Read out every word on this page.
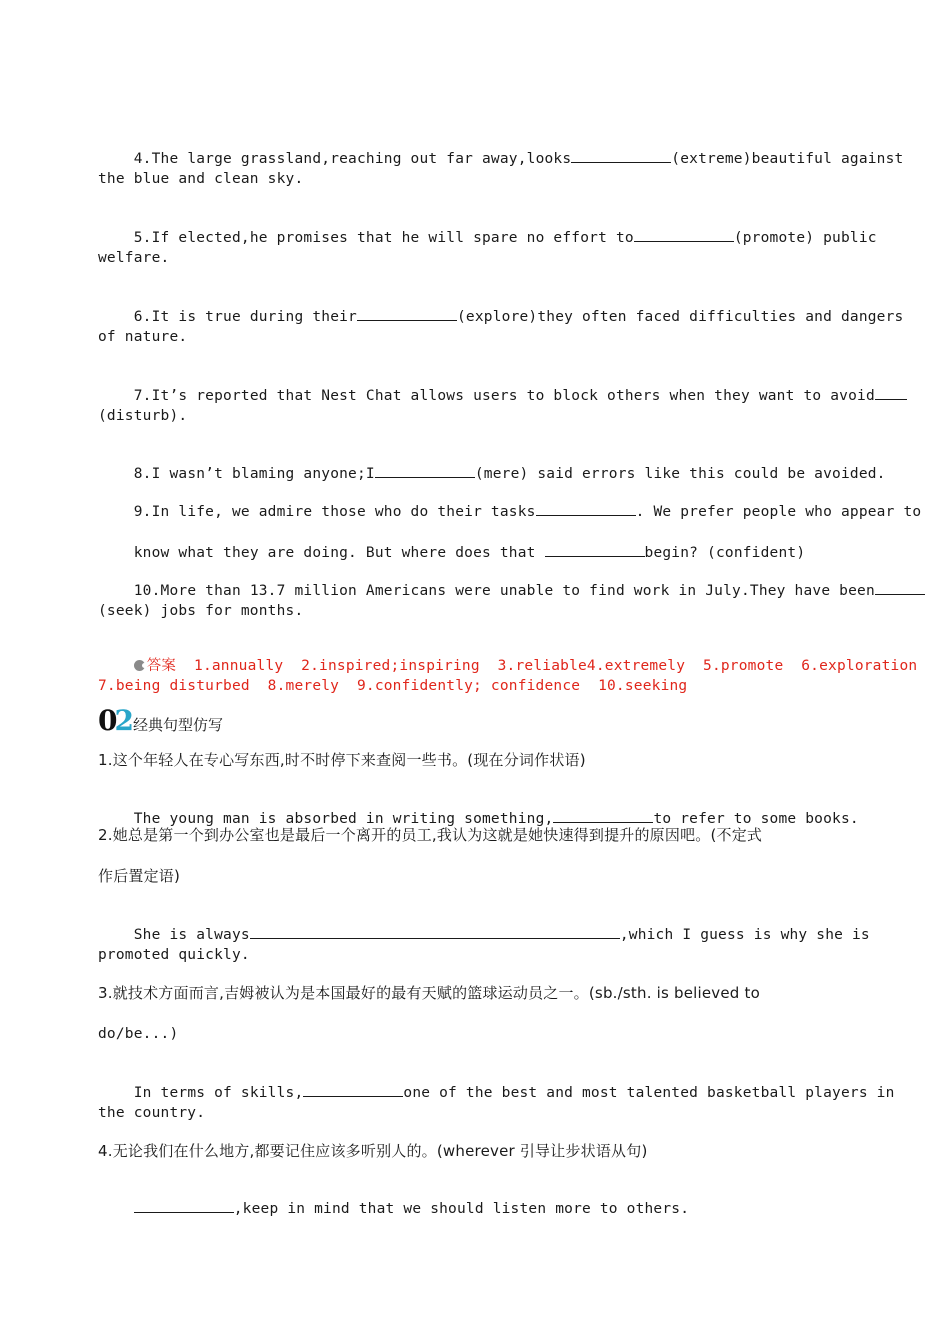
4.The large grassland,reaching out far away,looks	(extreme)beautiful against

the blue and clean sky.

5.If elected,he promises that he will spare no effort to	(promote) public

welfare.

6.It is true during their	(explore)they often faced difficulties and dangers

of nature.

7.It’s reported that Nest Chat allows users to block others when they want to avoid

(disturb).

8.I wasn’t blaming anyone;I	(mere) said errors like this could be avoided.

9.In life, we admire those who do their tasks	. We prefer people who appear to

know what they are doing. But where does that	begin? (confident)

10.More than 13.7 million Americans were unable to find work in July.They have been

(seek) jobs for months.

答案 1.annually  2.inspired;inspiring  3.reliable4.extremely  5.promote  6.exploration

7.being disturbed  8.merely  9.confidently; confidence  10.seeking
02 经典句型仿写
1.这个年轻人在专心写东西,时不时停下来查阅一些书。(现在分词作状语)

The young man is absorbed in writing something,	to refer to some books.

2.她总是第一个到办公室也是最后一个离开的员工,我认为这就是她快速得到提升的原因吧。(不定式
作后置定语)

She is always	,which I guess is why she is

promoted quickly.
3.就技术方面而言,吉姆被认为是本国最好的最有天赋的篮球运动员之一。(sb./sth. is believed to
do/be...)

In terms of skills,	one of the best and most talented basketball players in

the country.
4.无论我们在什么地方,都要记住应该多听别人的。(wherever 引导让步状语从句)

,keep in mind that we should listen more to others.
